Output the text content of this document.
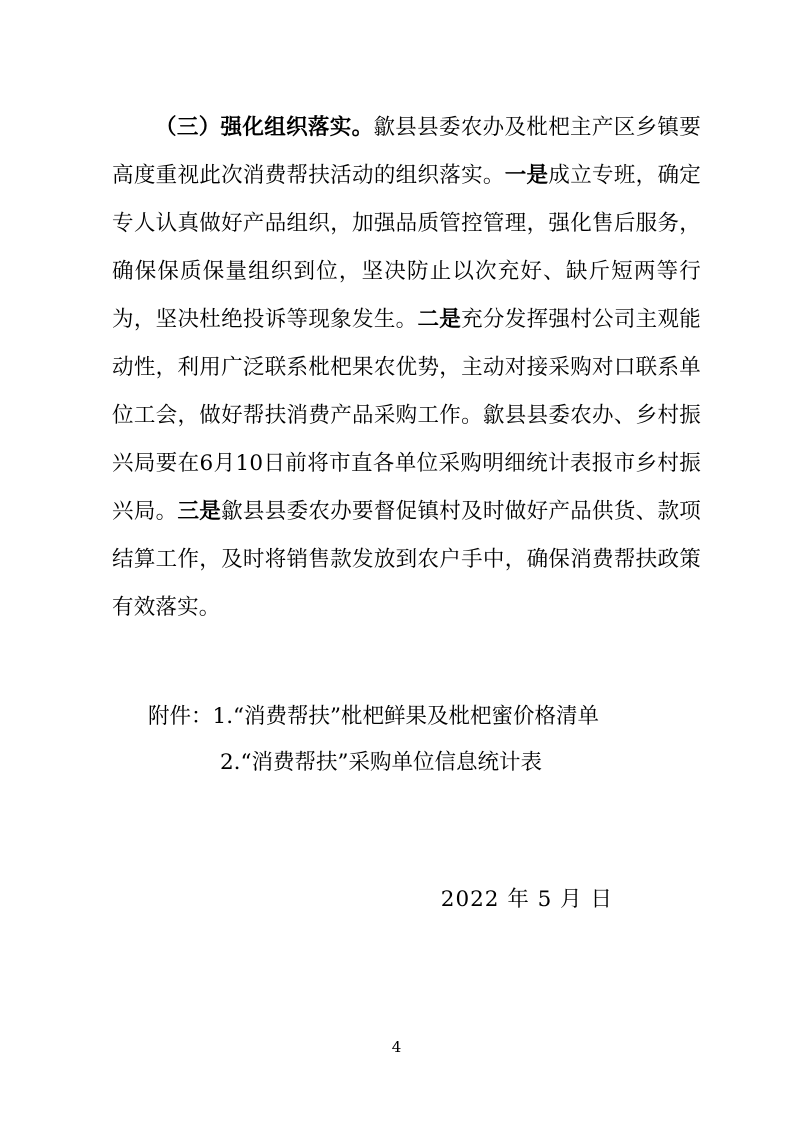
（三）强化组织落实。歙县县委农办及枇杷主产区乡镇要高度重视此次消费帮扶活动的组织落实。一是成立专班，确定专人认真做好产品组织，加强品质管控管理，强化售后服务，确保保质保量组织到位，坚决防止以次充好、缺斤短两等行为，坚决杜绝投诉等现象发生。二是充分发挥强村公司主观能动性，利用广泛联系枇杷果农优势，主动对接采购对口联系单位工会，做好帮扶消费产品采购工作。歙县县委农办、乡村振兴局要在6月10日前将市直各单位采购明细统计表报市乡村振兴局。三是歙县县委农办要督促镇村及时做好产品供货、款项结算工作，及时将销售款发放到农户手中，确保消费帮扶政策有效落实。
附件：1.“消费帮扶”枇杷鲜果及枇杷蜜价格清单
2.“消费帮扶”采购单位信息统计表
2022 年 5 月 日
4
